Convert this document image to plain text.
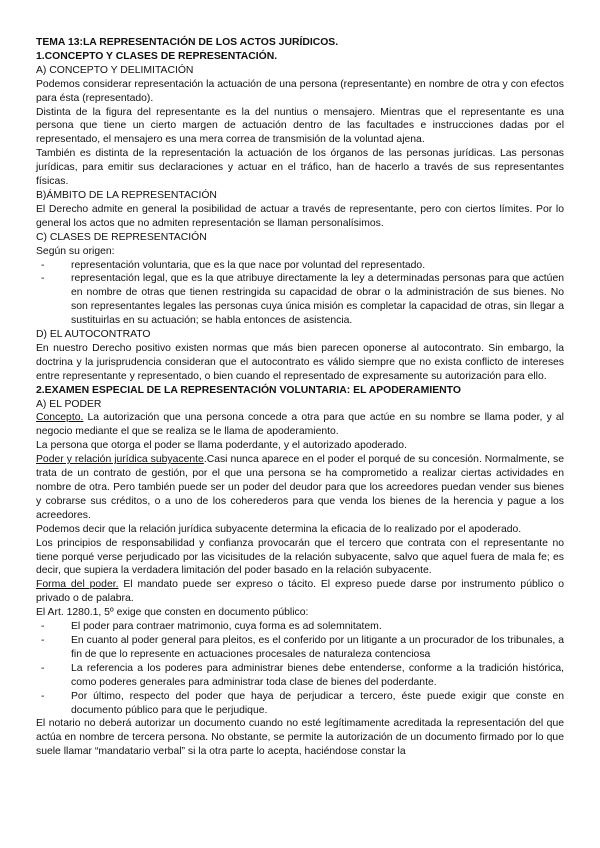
TEMA 13:LA REPRESENTACIÓN DE LOS ACTOS JURÍDICOS.
1.CONCEPTO Y CLASES DE REPRESENTACIÓN.
A) CONCEPTO Y DELIMITACIÓN

Podemos considerar representación la actuación de una persona (representante) en nombre de otra y con efectos para ésta (representado).

Distinta de la figura del representante es la del nuntius o mensajero. Mientras que el representante es una persona que tiene un cierto margen de actuación dentro de las facultades e instrucciones dadas por el representado, el mensajero es una mera correa de transmisión de la voluntad ajena.

También es distinta de la representación la actuación de los órganos de las personas jurídicas. Las personas jurídicas, para emitir sus declaraciones y actuar en el tráfico, han de hacerlo a través de sus representantes físicas.

B)ÁMBITO DE LA REPRESENTACIÓN

El Derecho admite en general la posibilidad de actuar a través de representante, pero con ciertos límites. Por lo general los actos que no admiten representación se llaman personalísimos.

C) CLASES DE REPRESENTACIÓN

Según su origen:

- representación voluntaria, que es la que nace por voluntad del representado.
- representación legal, que es la que atribuye directamente la ley a determinadas personas para que actúen en nombre de otras que tienen restringida su capacidad de obrar o la administración de sus bienes. No son representantes legales las personas cuya única misión es completar la capacidad de otras, sin llegar a sustituirlas en su actuación; se habla entonces de asistencia.
D) EL AUTOCONTRATO

En nuestro Derecho positivo existen normas que más bien parecen oponerse al autocontrato. Sin embargo, la doctrina y la jurisprudencia consideran que el autocontrato es válido siempre que no exista conflicto de intereses entre representante y representado, o bien cuando el representado de expresamente su autorización para ello.

2.EXAMEN ESPECIAL DE LA REPRESENTACIÓN VOLUNTARIA: EL APODERAMIENTO
A) EL PODER

Concepto. La autorización que una persona concede a otra para que actúe en su nombre se llama poder, y al negocio mediante el que se realiza se le llama de apoderamiento.

La persona que otorga el poder se llama poderdante, y el autorizado apoderado.

Poder y relación jurídica subyacente.Casi nunca aparece en el poder el porqué de su concesión. Normalmente, se trata de un contrato de gestión, por el que una persona se ha comprometido a realizar ciertas actividades en nombre de otra. Pero también puede ser un poder del deudor para que los acreedores puedan vender sus bienes y cobrarse sus créditos, o a uno de los coherederos para que venda los bienes de la herencia y pague a los acreedores.

Podemos decir que la relación jurídica subyacente determina la eficacia de lo realizado por el apoderado.

Los principios de responsabilidad y confianza provocarán que el tercero que contrata con el representante no tiene porqué verse perjudicado por las vicisitudes de la relación subyacente, salvo que aquel fuera de mala fe; es decir, que supiera la verdadera limitación del poder basado en la relación subyacente.

Forma del poder. El mandato puede ser expreso o tácito. El expreso puede darse por instrumento público o privado o de palabra.

El Art. 1280.1, 5º exige que consten en documento público:

- El poder para contraer matrimonio, cuya forma es ad solemnitatem.
- En cuanto al poder general para pleitos, es el conferido por un litigante a un procurador de los tribunales, a fin de que lo represente en actuaciones procesales de naturaleza contenciosa
- La referencia a los poderes para administrar bienes debe entenderse, conforme a la tradición histórica, como poderes generales para administrar toda clase de bienes del poderdante.
- Por último, respecto del poder que haya de perjudicar a tercero, éste puede exigir que conste en documento público para que le perjudique.

El notario no deberá autorizar un documento cuando no esté legítimamente acreditada la representación del que actúa en nombre de tercera persona. No obstante, se permite la autorización de un documento firmado por lo que suele llamar “mandatario verbal” si la otra parte lo acepta, haciéndose constar la
